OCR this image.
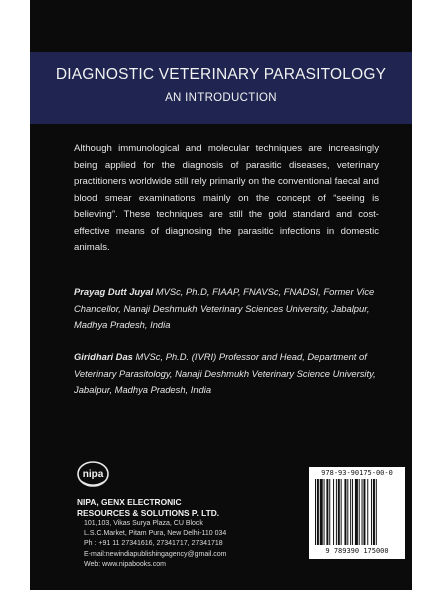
DIAGNOSTIC VETERINARY PARASITOLOGY
AN INTRODUCTION
Although immunological and molecular techniques are increasingly being applied for the diagnosis of parasitic diseases, veterinary practitioners worldwide still rely primarily on the conventional faecal and blood smear examinations mainly on the concept of “seeing is believing”. These techniques are still the gold standard and cost-effective means of diagnosing the parasitic infections in domestic animals.
Prayag Dutt Juyal MVSc, Ph.D, FIAAP, FNAVSc, FNADSI, Former Vice Chancellor, Nanaji Deshmukh Veterinary Sciences University, Jabalpur, Madhya Pradesh, India
Giridhari Das MVSc, Ph.D. (IVRI) Professor and Head, Department of Veterinary Parasitology, Nanaji Deshmukh Veterinary Science University, Jabalpur, Madhya Pradesh, India
nipa
NIPA, GENX ELECTRONIC
RESOURCES & SOLUTIONS P. LTD.
101,103, Vikas Surya Plaza, CU Block
L.S.C.Market, Pitam Pura, New Delhi-110 034
Ph : +91 11 27341616, 27341717, 27341718
E-mail:newindiapublishingagency@gmail.com
Web: www.nipabooks.com
978-93-90175-00-0
9 789390 175000
